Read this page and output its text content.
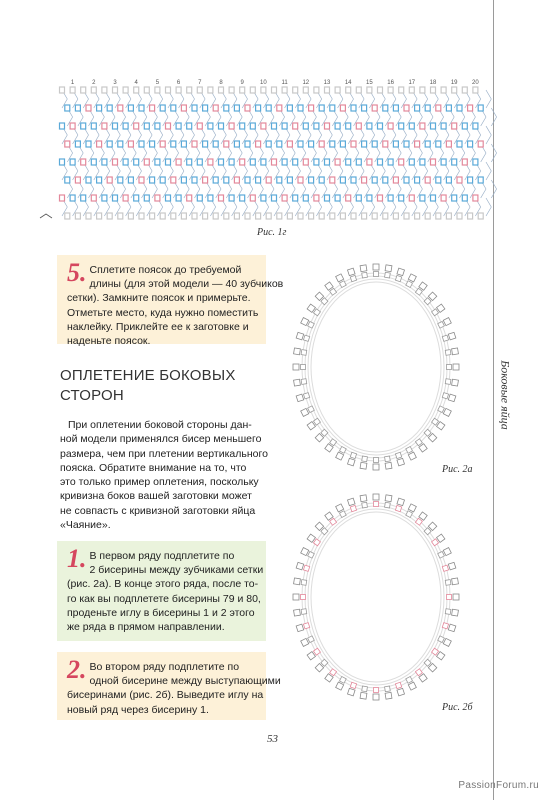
Боковые яйца
1	2	3	4	5	6	7	8	9	10 11 12 13 14 15 16 17 18 19 20
Рис. 1г
5. Сплетите поясок до требуемой
длины (для этой модели — 40 зубчиков
сетки). Замкните поясок и примерьте.
Отметьте место, куда нужно поместить
наклейку. Приклейте ее к заготовке и
наденьте поясок.
ОПЛЕТЕНИЕ БОКОВЫХ
СТОРОН
При оплетении боковой стороны дан-
ной модели применялся бисер меньшего
размера, чем при плетении вертикального
пояска. Обратите внимание на то, что
это только пример оплетения, поскольку
кривизна боков вашей заготовки может
не совпасть с кривизной заготовки яйца
«Чаяние».
1. В первом ряду подплетите по
2 бисерины между зубчиками сетки
(рис. 2а). В конце этого ряда, после то-
го как вы подплетете бисерины 79 и 80,
проденьте иглу в бисерины 1 и 2 этого
же ряда в прямом направлении.
2. Во втором ряду подплетите по
одной бисерине между выступающими
бисеринами (рис. 2б). Выведите иглу на
новый ряд через бисерину 1.
Рис. 2а
Рис. 2б
53
PassionForum.ru
